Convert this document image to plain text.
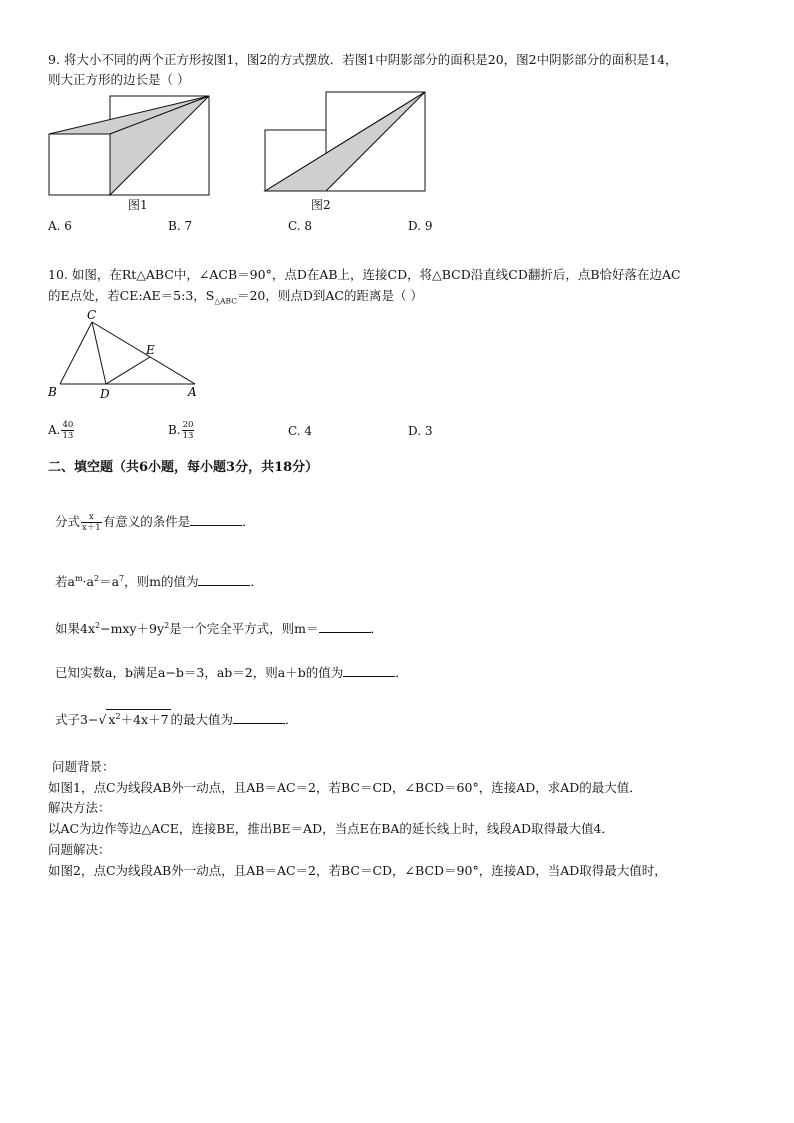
9. 将大小不同的两个正方形按图1，图2的方式摆放．若图1中阴影部分的面积是20，图2中阴影部分的面积是14，
则大正方形的边长是（ ）
图1	图2
A. 6	B. 7	C. 8	D. 9
10. 如图，在Rt△ABC中，∠ACB＝90°，点D在AB上，连接CD，将△BCD沿直线CD翻折后，点B恰好落在边AC
的E点处，若CE:AE＝5:3，$S_{\triangle ABC}=20$，则点D到AC的距离是（ ）
C
E
B	D	A
A. $\frac{40}{13}$	B. $\frac{20}{13}$	C. 4	D. 3
二、填空题（共6小题，每小题3分，共18分）
分式 $\frac{x}{x+1}$ 有意义的条件是	．
若$a^m\cdot a^2=a^7$，则m的值为	．
如果$4x^2-mxy+9y^2$是一个完全平方式，则m＝	．
已知实数a，b满足a−b＝3，ab＝2，则a＋b的值为	．
式子3−√ $x^2+4x+7$ 的最大值为	．
问题背景：
如图1，点C为线段AB外一动点，且AB＝AC＝2，若BC＝CD，∠BCD＝60°，连接AD，求AD的最大值．
解决方法：
以AC为边作等边△ACE，连接BE，推出BE＝AD，当点E在BA的延长线上时，线段AD取得最大值4．
问题解决：
如图2，点C为线段AB外一动点，且AB＝AC＝2，若BC＝CD，∠BCD＝90°，连接AD，当AD取得最大值时，
